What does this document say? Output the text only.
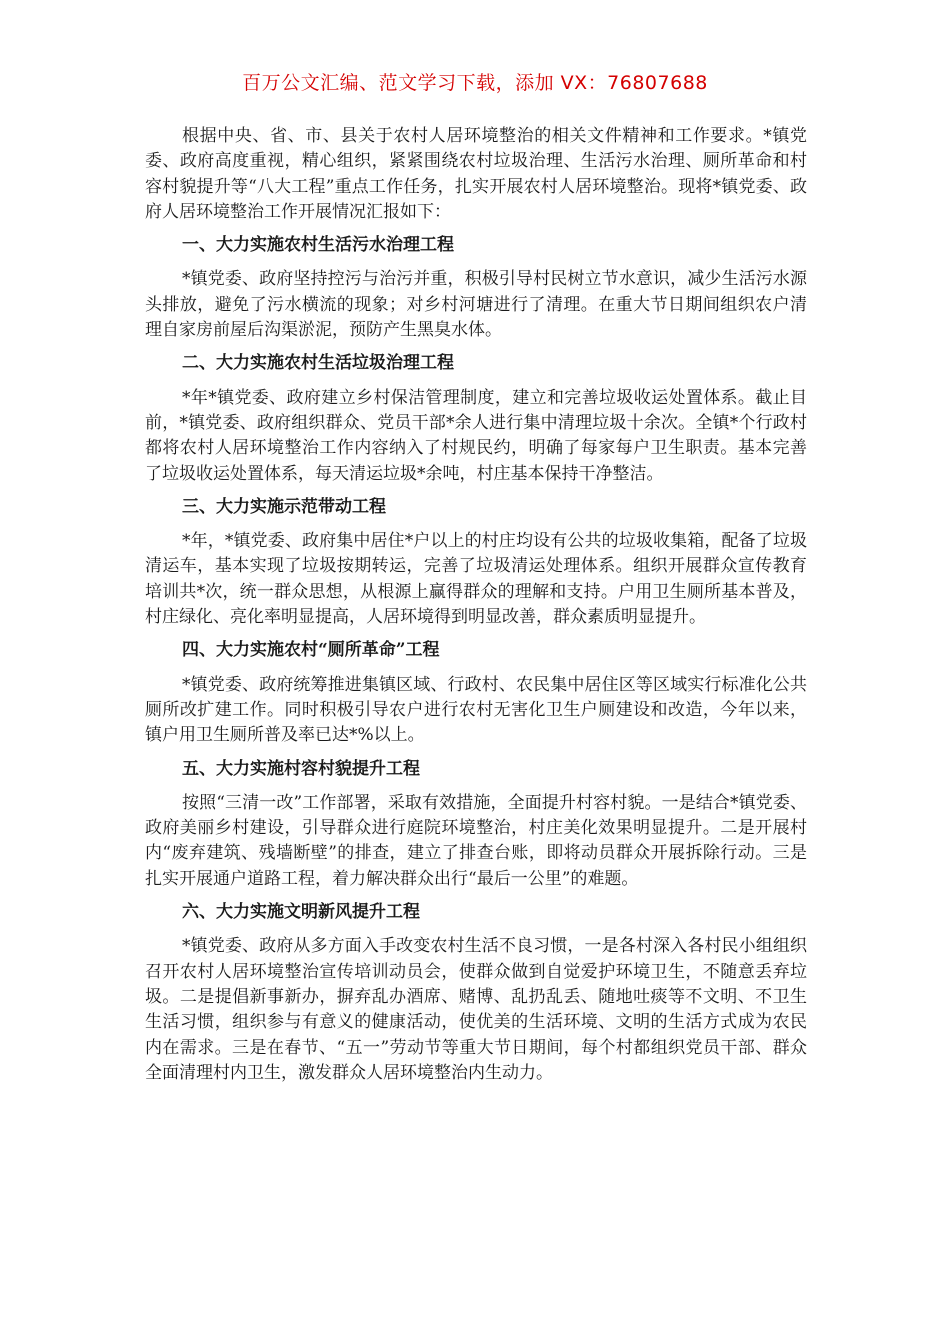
百万公文汇编、范文学习下载，添加 VX：76807688

根据中央、省、市、县关于农村人居环境整治的相关文件精神和工作要求。*镇党委、政府高度重视，精心组织，紧紧围绕农村垃圾治理、生活污水治理、厕所革命和村容村貌提升等“八大工程”重点工作任务，扎实开展农村人居环境整治。现将*镇党委、政府人居环境整治工作开展情况汇报如下：

一、大力实施农村生活污水治理工程

*镇党委、政府坚持控污与治污并重，积极引导村民树立节水意识，减少生活污水源头排放，避免了污水横流的现象；对乡村河塘进行了清理。在重大节日期间组织农户清理自家房前屋后沟渠淤泥，预防产生黑臭水体。

二、大力实施农村生活垃圾治理工程

*年*镇党委、政府建立乡村保洁管理制度，建立和完善垃圾收运处置体系。截止目前，*镇党委、政府组织群众、党员干部*余人进行集中清理垃圾十余次。全镇*个行政村都将农村人居环境整治工作内容纳入了村规民约，明确了每家每户卫生职责。基本完善了垃圾收运处置体系，每天清运垃圾*余吨，村庄基本保持干净整洁。

三、大力实施示范带动工程

*年，*镇党委、政府集中居住*户以上的村庄均设有公共的垃圾收集箱，配备了垃圾清运车，基本实现了垃圾按期转运，完善了垃圾清运处理体系。组织开展群众宣传教育培训共*次，统一群众思想，从根源上赢得群众的理解和支持。户用卫生厕所基本普及，村庄绿化、亮化率明显提高，人居环境得到明显改善，群众素质明显提升。

四、大力实施农村“厕所革命”工程

*镇党委、政府统筹推进集镇区域、行政村、农民集中居住区等区域实行标准化公共厕所改扩建工作。同时积极引导农户进行农村无害化卫生户厕建设和改造，今年以来，镇户用卫生厕所普及率已达*%以上。

五、大力实施村容村貌提升工程

按照“三清一改”工作部署，采取有效措施，全面提升村容村貌。一是结合*镇党委、政府美丽乡村建设，引导群众进行庭院环境整治，村庄美化效果明显提升。二是开展村内“废弃建筑、残墙断壁”的排查，建立了排查台账，即将动员群众开展拆除行动。三是扎实开展通户道路工程，着力解决群众出行“最后一公里”的难题。

六、大力实施文明新风提升工程

*镇党委、政府从多方面入手改变农村生活不良习惯，一是各村深入各村民小组组织召开农村人居环境整治宣传培训动员会，使群众做到自觉爱护环境卫生，不随意丢弃垃圾。二是提倡新事新办，摒弃乱办酒席、赌博、乱扔乱丢、随地吐痰等不文明、不卫生生活习惯，组织参与有意义的健康活动，使优美的生活环境、文明的生活方式成为农民内在需求。三是在春节、“五一”劳动节等重大节日期间，每个村都组织党员干部、群众全面清理村内卫生，激发群众人居环境整治内生动力。
